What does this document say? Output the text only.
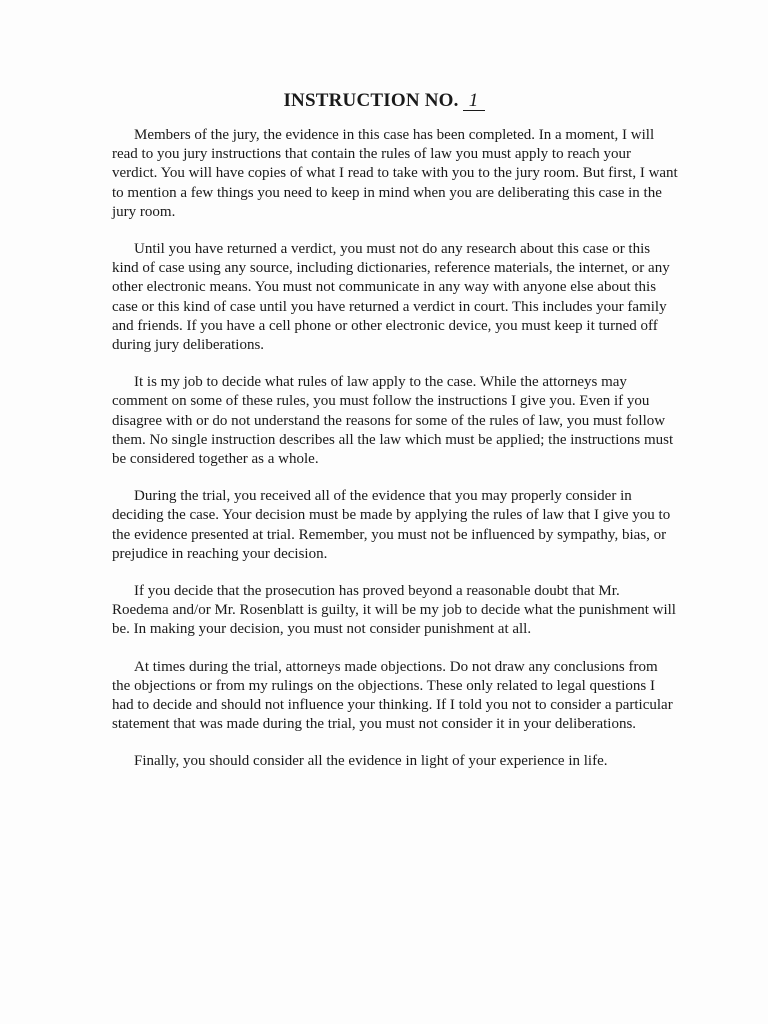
INSTRUCTION NO. 1

Members of the jury, the evidence in this case has been completed. In a moment, I will read to you jury instructions that contain the rules of law you must apply to reach your verdict. You will have copies of what I read to take with you to the jury room. But first, I want to mention a few things you need to keep in mind when you are deliberating this case in the jury room.

Until you have returned a verdict, you must not do any research about this case or this kind of case using any source, including dictionaries, reference materials, the internet, or any other electronic means. You must not communicate in any way with anyone else about this case or this kind of case until you have returned a verdict in court. This includes your family and friends. If you have a cell phone or other electronic device, you must keep it turned off during jury deliberations.

It is my job to decide what rules of law apply to the case. While the attorneys may comment on some of these rules, you must follow the instructions I give you. Even if you disagree with or do not understand the reasons for some of the rules of law, you must follow them. No single instruction describes all the law which must be applied; the instructions must be considered together as a whole.

During the trial, you received all of the evidence that you may properly consider in deciding the case. Your decision must be made by applying the rules of law that I give you to the evidence presented at trial. Remember, you must not be influenced by sympathy, bias, or prejudice in reaching your decision.

If you decide that the prosecution has proved beyond a reasonable doubt that Mr. Roedema and/or Mr. Rosenblatt is guilty, it will be my job to decide what the punishment will be. In making your decision, you must not consider punishment at all.

At times during the trial, attorneys made objections. Do not draw any conclusions from the objections or from my rulings on the objections. These only related to legal questions I had to decide and should not influence your thinking. If I told you not to consider a particular statement that was made during the trial, you must not consider it in your deliberations.

Finally, you should consider all the evidence in light of your experience in life.
